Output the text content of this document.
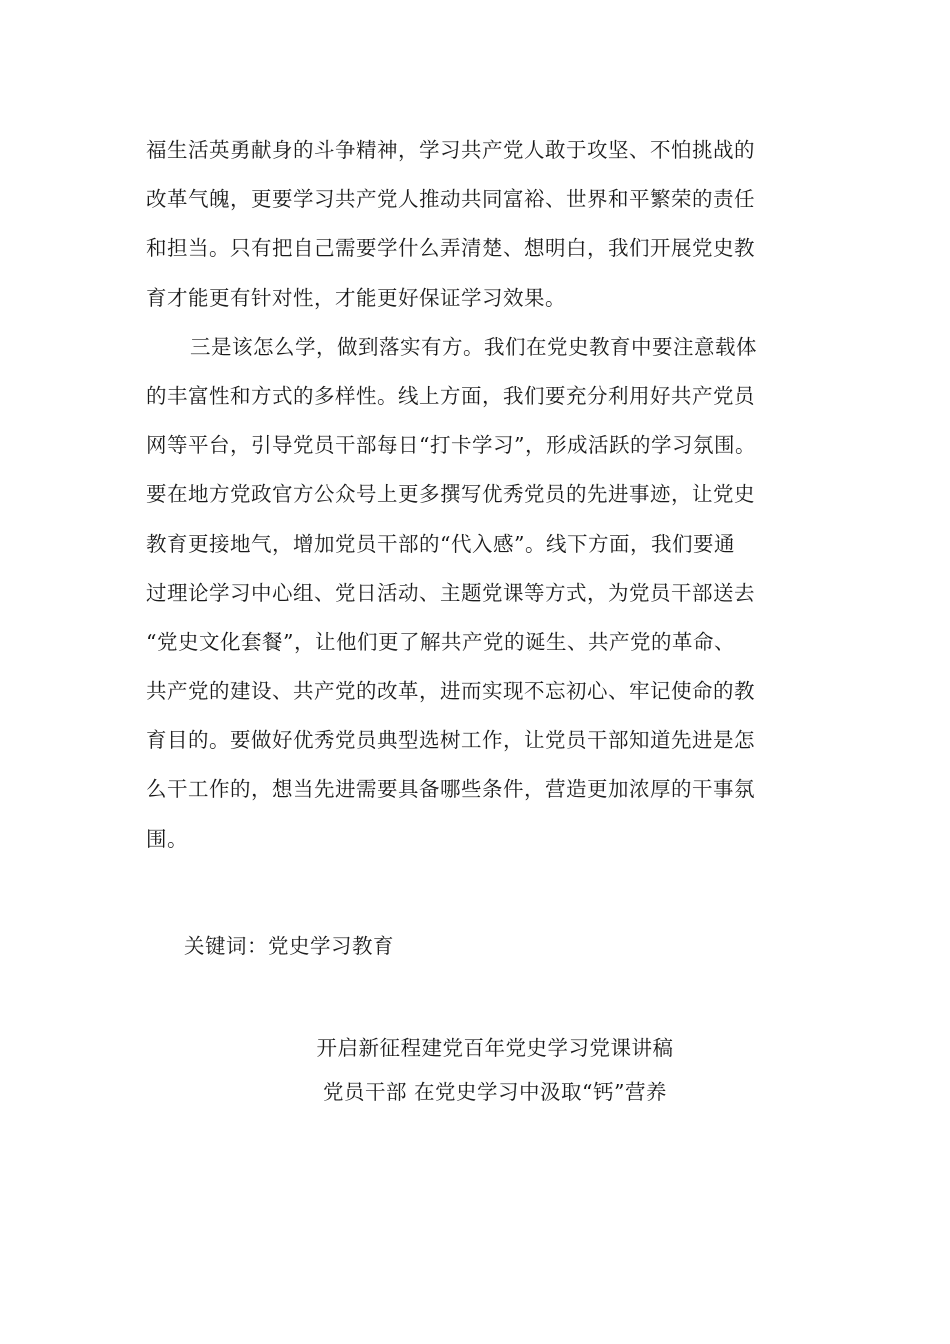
福生活英勇献身的斗争精神，学习共产党人敢于攻坚、不怕挑战的
改革气魄，更要学习共产党人推动共同富裕、世界和平繁荣的责任
和担当。只有把自己需要学什么弄清楚、想明白，我们开展党史教
育才能更有针对性，才能更好保证学习效果。
三是该怎么学，做到落实有方。我们在党史教育中要注意载体
的丰富性和方式的多样性。线上方面，我们要充分利用好共产党员
网等平台，引导党员干部每日“打卡学习”，形成活跃的学习氛围。
要在地方党政官方公众号上更多撰写优秀党员的先进事迹，让党史
教育更接地气，增加党员干部的“代入感”。线下方面，我们要通
过理论学习中心组、党日活动、主题党课等方式，为党员干部送去
“党史文化套餐”，让他们更了解共产党的诞生、共产党的革命、
共产党的建设、共产党的改革，进而实现不忘初心、牢记使命的教
育目的。要做好优秀党员典型选树工作，让党员干部知道先进是怎
么干工作的，想当先进需要具备哪些条件，营造更加浓厚的干事氛
围。
关键词：党史学习教育
开启新征程建党百年党史学习党课讲稿
党员干部 在党史学习中汲取“钙”营养
